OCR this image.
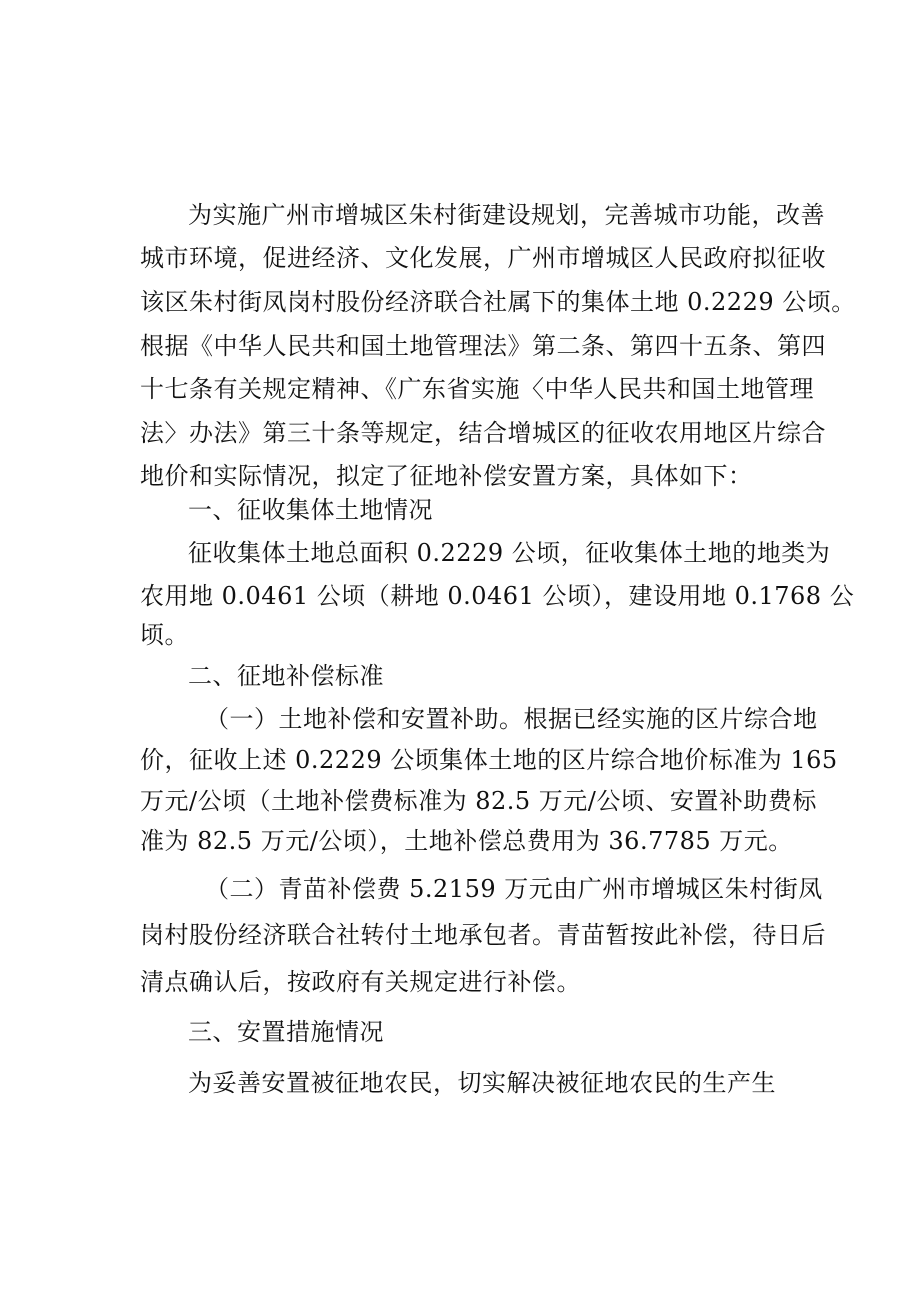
为实施广州市增城区朱村街建设规划，完善城市功能，改善
城市环境，促进经济、文化发展，广州市增城区人民政府拟征收
该区朱村街凤岗村股份经济联合社属下的集体土地 0.2229 公顷。
根据《中华人民共和国土地管理法》第二条、第四十五条、第四
十七条有关规定精神、《广东省实施〈中华人民共和国土地管理
法〉办法》第三十条等规定，结合增城区的征收农用地区片综合
地价和实际情况，拟定了征地补偿安置方案，具体如下：
一、征收集体土地情况
征收集体土地总面积 0.2229 公顷，征收集体土地的地类为
农用地 0.0461 公顷（耕地 0.0461 公顷），建设用地 0.1768 公
顷。
二、征地补偿标准
（一）土地补偿和安置补助。根据已经实施的区片综合地
价，征收上述 0.2229 公顷集体土地的区片综合地价标准为 165
万元/公顷（土地补偿费标准为 82.5 万元/公顷、安置补助费标
准为 82.5 万元/公顷），土地补偿总费用为 36.7785 万元。
（二）青苗补偿费 5.2159 万元由广州市增城区朱村街凤
岗村股份经济联合社转付土地承包者。青苗暂按此补偿，待日后
清点确认后，按政府有关规定进行补偿。
三、安置措施情况
为妥善安置被征地农民，切实解决被征地农民的生产生
